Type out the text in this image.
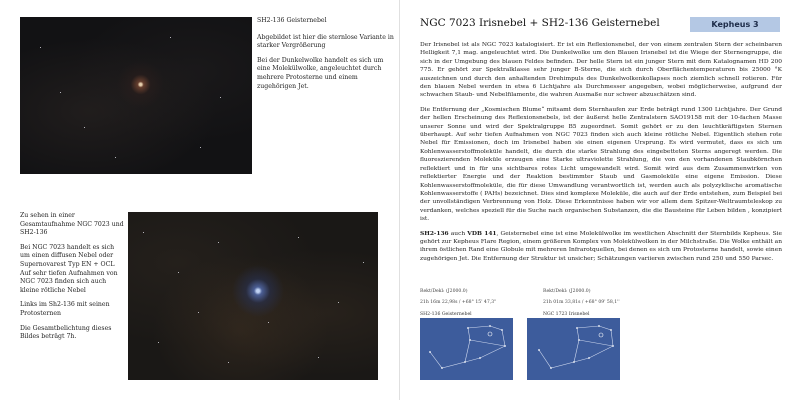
SH2-136 Geisternebel

Abgebildet ist hier die sternlose Variante in starker Vergrößerung

Bei der Dunkelwolke handelt es sich um eine Molekülwolke, angeleuchtet durch mehrere Protosterne und einem zugehörigen Jet.

Zu sehen in einer Gesamtaufnahme NGC 7023 und SH2-136

Bei NGC 7023 handelt es sich um einen diffusen Nebel oder Supernovarest Typ EN + OCL Auf sehr tiefen Aufnahmen von NGC 7023 finden sich auch kleine rötliche Nebel

Links im Sh2-136 mit seinen Protosternen

Die Gesamtbelichtung dieses Bildes beträgt 7h.

NGC 7023 Irisnebel + SH2-136 Geisternebel	Kepheus 3

Der Irisnebel ist als NGC 7023 katalogisiert. Er ist ein Reflexionsnebel, der von einem zentralen Stern der scheinbaren Helligkeit 7,1 mag. angeleuchtet wird. Die Dunkelwolke um den Blauen Irisnebel ist die Wiege der Sternengruppe, die sich in der Umgebung des blauen Feldes befinden. Der helle Stern ist ein junger Stern mit dem Katalognamen HD 200 775. Er gehört zur Spektralklasse sehr junger B-Sterne, die sich durch Oberflächentemperaturen bis 25000 °K auszeichnen und durch den anhaltenden Drehimpuls des Dunkelwolkenkollapses noch ziemlich schnell rotieren. Für den blauen Nebel werden in etwa 6 Lichtjahre als Durchmesser angegeben, wobei möglicherweise, aufgrund der schwachen Staub- und Nebelfilamente, die wahren Ausmaße nur schwer abzuschätzen sind.

Die Entfernung der „Kosmischen Blume“ mitsamt dem Sternhaufen zur Erde beträgt rund 1300 Lichtjahre. Der Grund der hellen Erscheinung des Reflexionsnebels, ist der äußerst helle Zentralstern SAO19158 mit der 10-fachen Masse unserer Sonne und wird der Spektralgruppe B5 zugeordnet. Somit gehört er zu den leuchtkräftigsten Sternen überhaupt. Auf sehr tiefen Aufnahmen von NGC 7023 finden sich auch kleine rötliche Nebel. Eigentlich stehen rote Nebel für Emissionen, doch im Irisnebel haben sie einen eigenen Ursprung. Es wird vermutet, dass es sich um Kohlenwasserstoffmoleküle handelt, die durch die starke Strahlung des eingebetteten Sterns angeregt werden. Die fluoreszierenden Moleküle erzeugen eine Starke ultraviolette Strahlung, die von den vorhandenen Staubkörnchen reflektiert und in für uns sichtbares rotes Licht umgewandelt wird. Somit wird aus dem Zusammenwirken von reflektierter Energie und der Reaktion bestimmter Staub und Gasmoleküle eine eigene Emission. Diese Kohlenwasserstoffmoleküle, die für diese Umwandlung verantwortlich ist, werden auch als polyzyklische aromatische Kohlenwasserstoffe ( PAHs) bezeichnet. Dies sind komplexe Moleküle, die auch auf der Erde entstehen, zum Beispiel bei der unvollständigen Verbrennung von Holz. Diese Erkenntnisse haben wir vor allem dem Spitzer-Weltraumteleskop zu verdanken, welches speziell für die Suche nach organischen Substanzen, die die Bausteine für Leben bilden , konzipiert ist.

SH2-136 auch VDB 141, Geisternebel eine ist eine Molekülwolke im westlichen Abschnitt der Sternbilds Kepheus. Sie gehört zur Kepheus Flare Region, einem größeren Komplex von Molekülwolken in der Milchstraße. Die Wolke enthält an ihrem östlichen Rand eine Globule mit mehreren Infrarotquellen, bei denen es sich um Protosterne handelt, sowie einen zugehörigen Jet. Die Entfernung der Struktur ist unsicher; Schätzungen variieren zwischen rund 250 und 550 Parsec.

Rekt/Dekl: (J2000.0)
21h 16m 22,98s / +68° 15' 47,3"
Rekt/Dekl: (J2000.0)
21h 01m 33,81s / +68° 09' 58,1''
SH2-136 Geisternebel	NGC 1723 Irisnebel
